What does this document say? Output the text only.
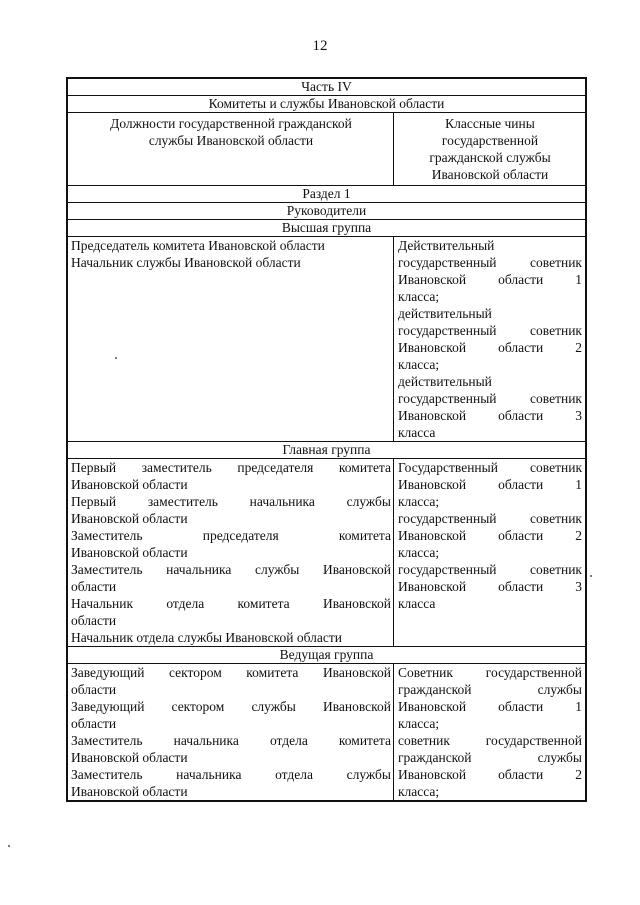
12
Часть IV
Комитеты и службы Ивановской области
Должности государственной гражданской
службы Ивановской области
Классные чины
государственной
гражданской службы
Ивановской области
Раздел 1
Руководители
Высшая группа
Председатель комитета Ивановской области
Начальник службы Ивановской области
Действительный
государственный советник
Ивановской области 1
класса;
действительный
государственный советник
Ивановской области 2
класса;
действительный
государственный советник
Ивановской области 3
класса
Главная группа
Первый заместитель председателя комитета
Ивановской области
Первый заместитель начальника службы
Ивановской области
Заместитель председателя комитета
Ивановской области
Заместитель начальника службы Ивановской
области
Начальник отдела комитета Ивановской
области
Начальник отдела службы Ивановской области
Государственный советник
Ивановской области 1
класса;
государственный советник
Ивановской области 2
класса;
государственный советник
Ивановской области 3
класса
Ведущая группа
Заведующий сектором комитета Ивановской
области
Заведующий сектором службы Ивановской
области
Заместитель начальника отдела комитета
Ивановской области
Заместитель начальника отдела службы
Ивановской области
Советник государственной
гражданской службы
Ивановской области 1
класса;
советник государственной
гражданской службы
Ивановской области 2
класса;
